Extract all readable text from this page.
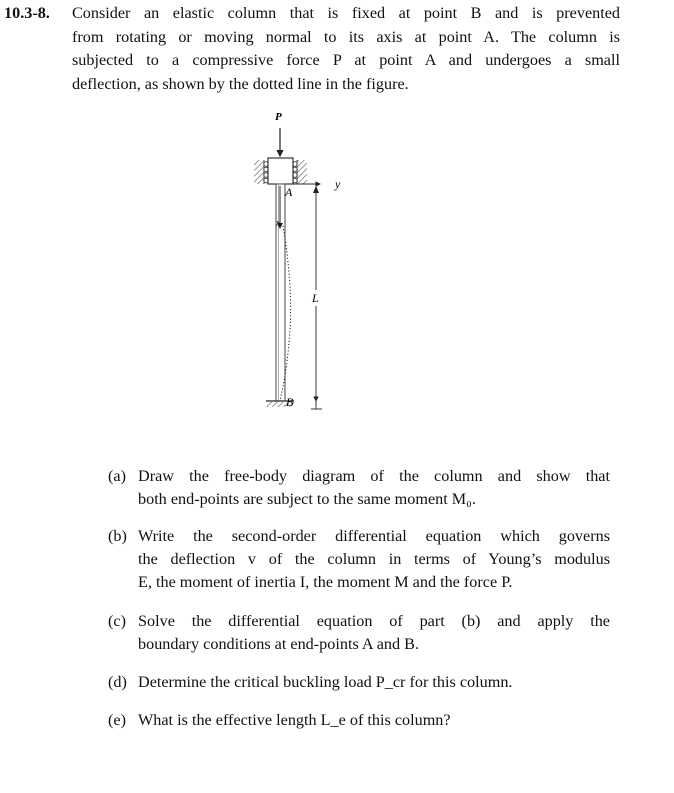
10.3-8. Consider an elastic column that is fixed at point B and is prevented
from rotating or moving normal to its axis at point A. The column is
subjected to a compressive force P at point A and undergoes a small
deflection, as shown by the dotted line in the figure.
P
A
x
y
L
B
(a) Draw the free-body diagram of the column and show that
both end-points are subject to the same moment M₀.
(b) Write the second-order differential equation which governs
the deflection v of the column in terms of Young’s modulus
E, the moment of inertia I, the moment M and the force P.
(c) Solve the differential equation of part (b) and apply the
boundary conditions at end-points A and B.
(d) Determine the critical buckling load P_cr for this column.
(e) What is the effective length L_e of this column?
